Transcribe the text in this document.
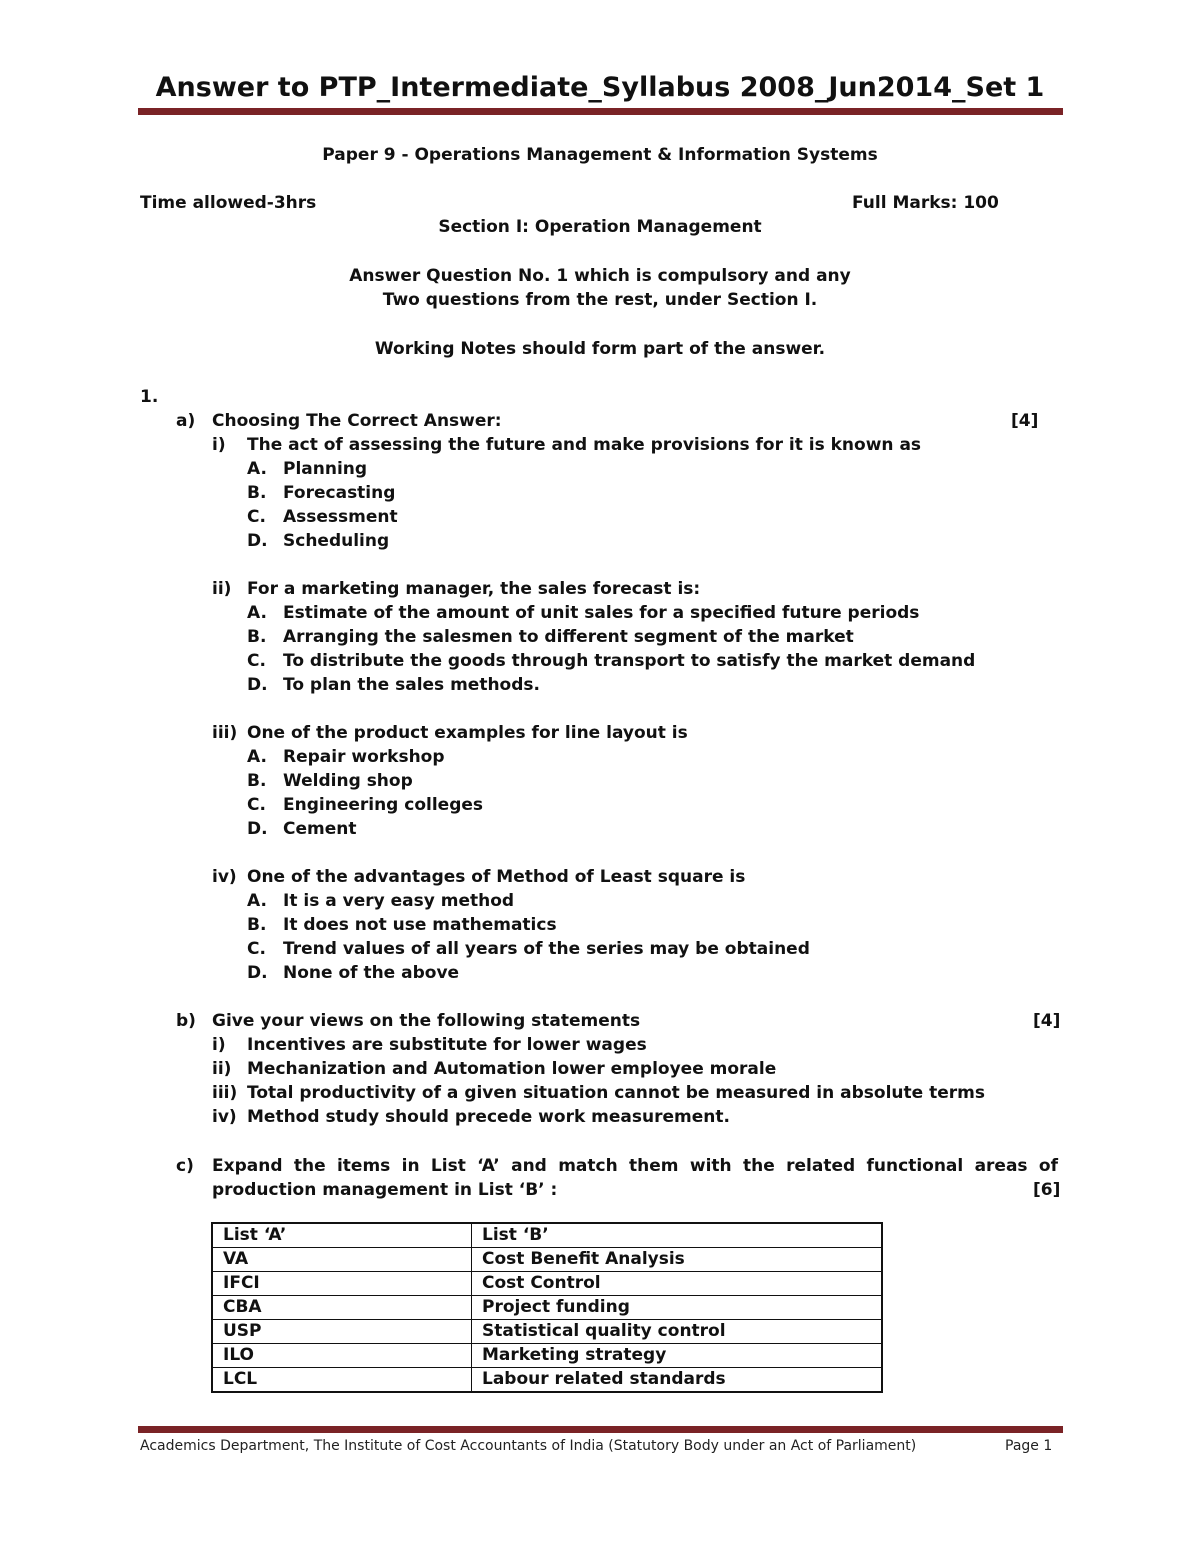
Answer to PTP_Intermediate_Syllabus 2008_Jun2014_Set 1
Paper 9 - Operations Management & Information Systems
Time allowed-3hrs	Full Marks: 100
Section I: Operation Management
Answer Question No. 1 which is compulsory and any
Two questions from the rest, under Section I.
Working Notes should form part of the answer.
1.
a) Choosing The Correct Answer:	[4]
i) The act of assessing the future and make provisions for it is known as
A. Planning
B. Forecasting
C. Assessment
D. Scheduling
ii) For a marketing manager, the sales forecast is:
A. Estimate of the amount of unit sales for a specified future periods
B. Arranging the salesmen to different segment of the market
C. To distribute the goods through transport to satisfy the market demand
D. To plan the sales methods.
iii) One of the product examples for line layout is
A. Repair workshop
B. Welding shop
C. Engineering colleges
D. Cement
iv) One of the advantages of Method of Least square is
A. It is a very easy method
B. It does not use mathematics
C. Trend values of all years of the series may be obtained
D. None of the above
b) Give your views on the following statements	[4]
i) Incentives are substitute for lower wages
ii) Mechanization and Automation lower employee morale
iii) Total productivity of a given situation cannot be measured in absolute terms
iv) Method study should precede work measurement.
c) Expand the items in List ‘A’ and match them with the related functional areas of
production management in List ‘B’ :	[6]
List ‘A’	List ‘B’
VA	Cost Benefit Analysis
IFCI	Cost Control
CBA	Project funding
USP	Statistical quality control
ILO	Marketing strategy
LCL	Labour related standards
Academics Department, The Institute of Cost Accountants of India (Statutory Body under an Act of Parliament)	Page 1
